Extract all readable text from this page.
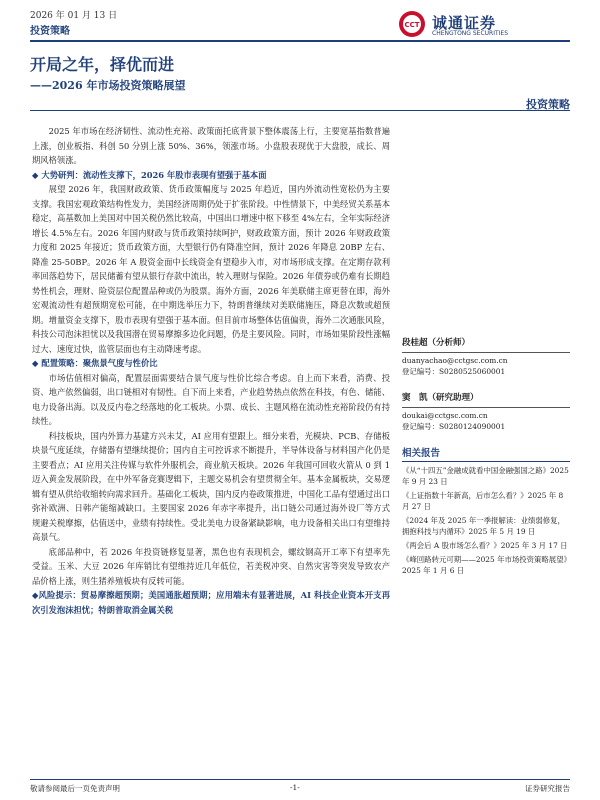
2026 年 01 月 13 日
投资策略
CCT 诚通证券
CHENGTONG SECURITIES
开局之年，择优而进
——2026 年市场投资策略展望
投资策略

2025 年市场在经济韧性、流动性充裕、政策面托底背景下整体震荡上行，主要宽基指数普遍上涨，创业板指、科创 50 分别上涨 50%、36%，领涨市场。小盘股表现优于大盘股，成长、周期风格领涨。

◆ 大势研判：流动性支撑下，2026 年股市表现有望强于基本面

展望 2026 年，我国财政政策、货币政策幅度与 2025 年趋近，国内外流动性宽松仍为主要支撑。我国宏观政策结构性发力，美国经济周期仍处于扩张阶段。中性情景下，中美经贸关系基本稳定，高基数加上美国对中国关税仍然比较高，中国出口增速中枢下移至 4%左右，全年实际经济增长 4.5%左右。2026 年国内财政与货币政策持续呵护，财政政策方面，预计 2026 年财政政策力度和 2025 年接近；货币政策方面，大型银行仍有降准空间，预计 2026 年降息 20BP 左右、降准 25-50BP。2026 年 A 股资金面中长线资金有望稳步入市，对市场形成支撑。在定期存款利率回落趋势下，居民储蓄有望从银行存款中流出，转入理财与保险。2026 年债券或仍难有长期趋势性机会，理财、险资层位配置品种或仍为股票。海外方面，2026 年美联储主席更替在即，海外宏观流动性有超预期宽松可能，在中期选举压力下，特朗普继续对美联储施压，降息次数或超预期。增量资金支撑下，股市表现有望强于基本面。但目前市场整体估值偏贵，海外二次通胀风险，科技公司泡沫担忧以及我国潜在贸易摩擦多边化问题，仍是主要风险。同时，市场如果阶段性涨幅过大、速度过快，监管层面也有主动降速考虑。

◆ 配置策略：聚焦景气度与性价比

市场估值相对偏高，配置层面需要结合景气度与性价比综合考虑。自上而下来看，消费、投资、地产依然偏弱，出口链相对有韧性。自下而上来看，产业趋势热点依然在科技，有色、储能、电力设备出海。以及反内卷之经落地的化工板块。小票、成长、主题风格在流动性充裕阶段仍有持续性。

科技板块，国内外算力基建方兴未艾，AI 应用有望跟上。细分来看，光模块、PCB、存储板块景气度延续，存储器有望继续提价；国内自主可控诉求不断提升，半导体设备与材料国产化仍是主要看点；AI 应用关注传媒与软件外服机会，商业航天板块。2026 年我国可回收火箭从 0 到 1 迈入黄金发展阶段，在中外军备竞赛逻辑下，主题交易机会有望贯彻全年。基本金属板块，交易逻辑有望从供给收缩转向需求回升。基础化工板块，国内反内卷政策推进，中国化工品有望通过出口弥补欧洲、日韩产能缩减缺口。主要国家 2026 年赤字率提升，出口链公司通过海外设厂等方式规避关税摩擦，估值送中，业绩有持续性。受北美电力设备紧缺影响，电力设备相关出口有望维持高景气。

底部品种中，若 2026 年投资链修复显著，黑色也有表现机会，螺纹钢高开工率下有望率先受益。玉米、大豆 2026 年库销比有望维持近几年低位，若美税冲突、自然灾害等突发导致农产品价格上涨，则生猪养殖板块有反转可能。

◆风险提示：贸易摩擦超预期；美国通胀超预期；应用端未有显著进展，AI 科技企业资本开支再次引发泡沫担忧；特朗普取消金属关税
段桂超（分析师）
duanyachao@cctgsc.com.cn
登记编号：S0280525060001
窦　凯（研究助理）
doukai@cctgsc.com.cn
登记编号：S0280124090001
相关报告
《从“十四五”金融成就看中国金融强国之路》2025 年 9 月 23 日
《上证指数十年新高，后市怎么看？》2025 年 8 月 27 日
《2024 年及 2025 年一季报解读：业绩弱修复，拥抱科技与内循环》2025 年 5 月 19 日
《两会后 A 股市场怎么看？》2025 年 3 月 17 日
《峰回路转元可期——2025 年市场投资策略展望》2025 年 1 月 6 日
敬请参阅最后一页免责声明	-1-	证券研究报告
